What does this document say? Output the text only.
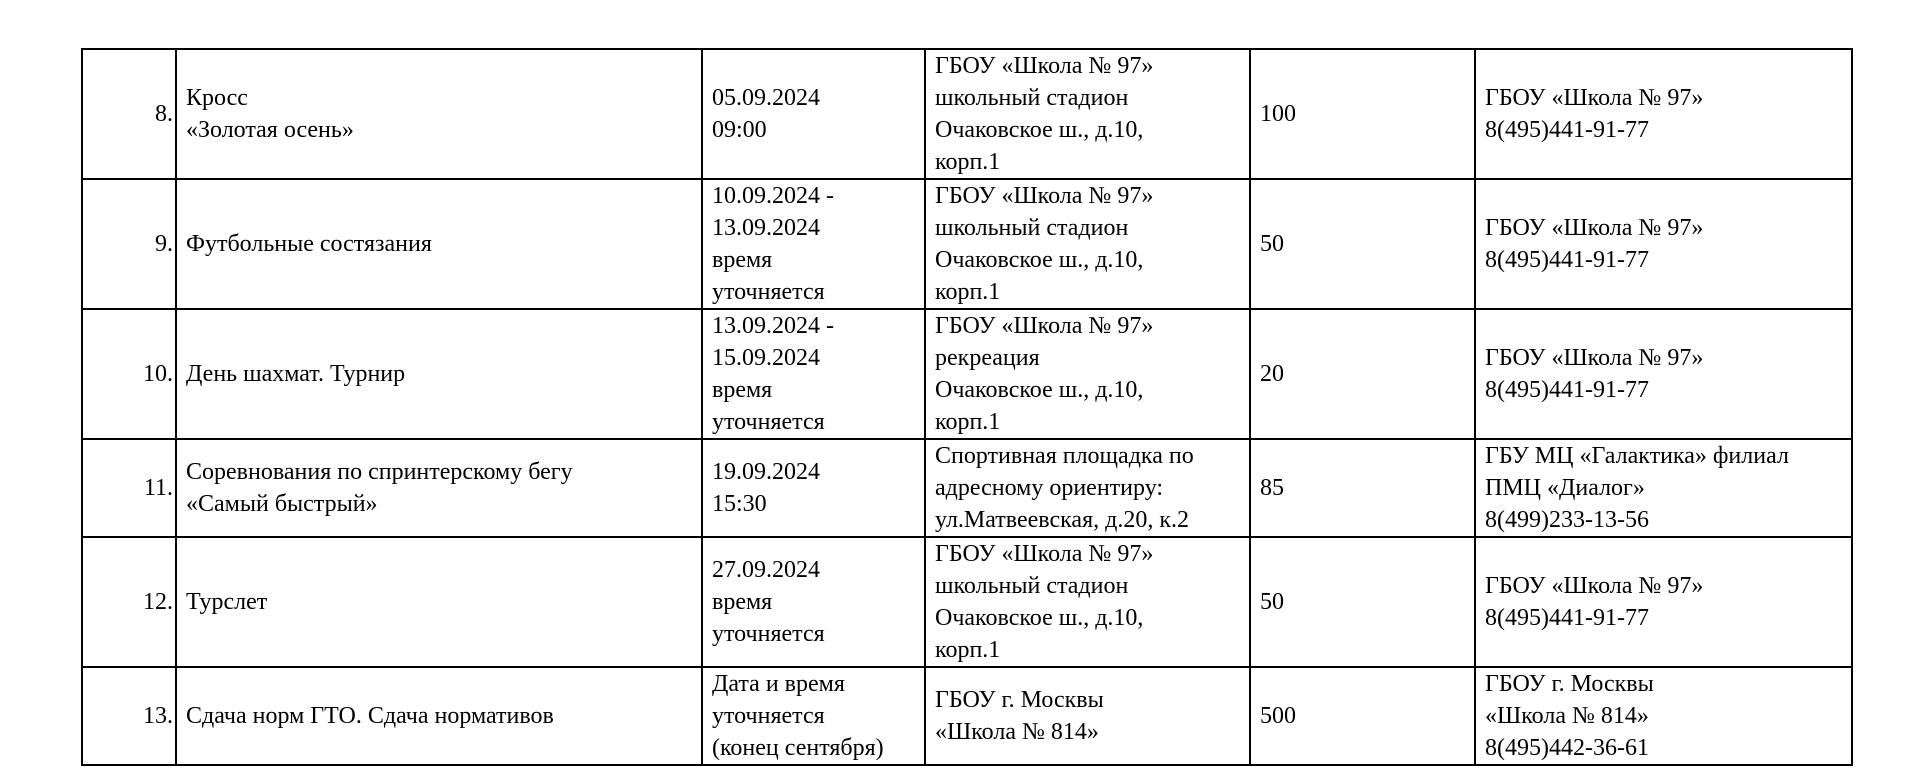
8.	Кросс
«Золотая осень»	05.09.2024
09:00	ГБОУ «Школа № 97»
школьный стадион
Очаковское ш., д.10,
корп.1	100	ГБОУ «Школа № 97»
8(495)441-91-77
9.	Футбольные состязания	10.09.2024 -
13.09.2024
время
уточняется	ГБОУ «Школа № 97»
школьный стадион
Очаковское ш., д.10,
корп.1	50	ГБОУ «Школа № 97»
8(495)441-91-77
10.	День шахмат. Турнир	13.09.2024 -
15.09.2024
время
уточняется	ГБОУ «Школа № 97»
рекреация
Очаковское ш., д.10,
корп.1	20	ГБОУ «Школа № 97»
8(495)441-91-77
11.	Соревнования по спринтерскому бегу
«Самый быстрый»	19.09.2024
15:30	Спортивная площадка по
адресному ориентиру:
ул.Матвеевская, д.20, к.2	85	ГБУ МЦ «Галактика» филиал
ПМЦ «Диалог»
8(499)233-13-56
12.	Турслет	27.09.2024
время
уточняется	ГБОУ «Школа № 97»
школьный стадион
Очаковское ш., д.10,
корп.1	50	ГБОУ «Школа № 97»
8(495)441-91-77
13.	Сдача норм ГТО. Сдача нормативов	Дата и время
уточняется
(конец сентября)	ГБОУ г. Москвы
«Школа № 814»	500	ГБОУ г. Москвы
«Школа № 814»
8(495)442-36-61
